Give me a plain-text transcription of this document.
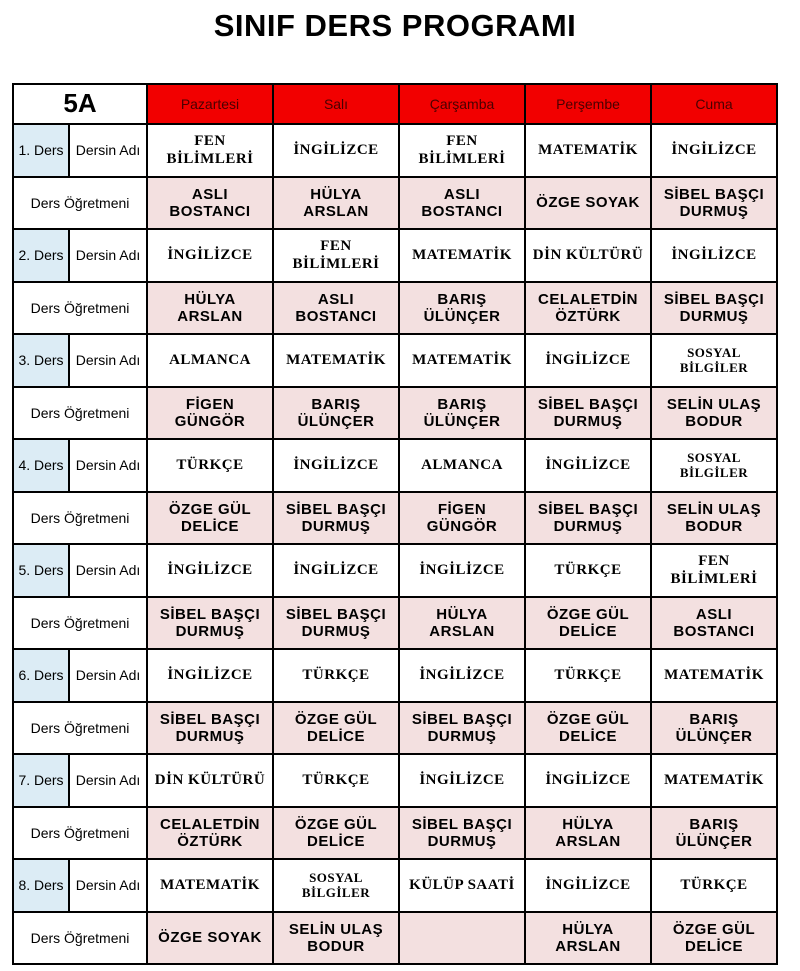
SINIF DERS PROGRAMI
5A		Pazartesi	Salı	Çarşamba	Perşembe	Cuma
1. Ders	Dersin Adı	FEN BİLİMLERİ	İNGİLİZCE	FEN BİLİMLERİ	MATEMATİK	İNGİLİZCE

Ders Öğretmeni		ASLI BOSTANCI	HÜLYA ARSLAN	ASLI BOSTANCI	ÖZGE SOYAK	SİBEL BAŞÇI DURMUŞ

2. Ders	Dersin Adı	İNGİLİZCE	FEN BİLİMLERİ	MATEMATİK	DİN KÜLTÜRÜ	İNGİLİZCE

Ders Öğretmeni		HÜLYA ARSLAN	ASLI BOSTANCI	BARIŞ ÜLÜNÇER	CELALETDİN ÖZTÜRK	SİBEL BAŞÇI DURMUŞ

3. Ders	Dersin Adı	ALMANCA	MATEMATİK	MATEMATİK	İNGİLİZCE	SOSYAL BİLGİLER

Ders Öğretmeni		FİGEN GÜNGÖR	BARIŞ ÜLÜNÇER	BARIŞ ÜLÜNÇER	SİBEL BAŞÇI DURMUŞ	SELİN ULAŞ BODUR

4. Ders	Dersin Adı	TÜRKÇE	İNGİLİZCE	ALMANCA	İNGİLİZCE	SOSYAL BİLGİLER

Ders Öğretmeni		ÖZGE GÜL DELİCE	SİBEL BAŞÇI DURMUŞ	FİGEN GÜNGÖR	SİBEL BAŞÇI DURMUŞ	SELİN ULAŞ BODUR

5. Ders	Dersin Adı	İNGİLİZCE	İNGİLİZCE	İNGİLİZCE	TÜRKÇE	FEN BİLİMLERİ

Ders Öğretmeni		SİBEL BAŞÇI DURMUŞ	SİBEL BAŞÇI DURMUŞ	HÜLYA ARSLAN	ÖZGE GÜL DELİCE	ASLI BOSTANCI

6. Ders	Dersin Adı	İNGİLİZCE	TÜRKÇE	İNGİLİZCE	TÜRKÇE	MATEMATİK

Ders Öğretmeni		SİBEL BAŞÇI DURMUŞ	ÖZGE GÜL DELİCE	SİBEL BAŞÇI DURMUŞ	ÖZGE GÜL DELİCE	BARIŞ ÜLÜNÇER

7. Ders	Dersin Adı	DİN KÜLTÜRÜ	TÜRKÇE	İNGİLİZCE	İNGİLİZCE	MATEMATİK

Ders Öğretmeni		CELALETDİN ÖZTÜRK	ÖZGE GÜL DELİCE	SİBEL BAŞÇI DURMUŞ	HÜLYA ARSLAN	BARIŞ ÜLÜNÇER

8. Ders	Dersin Adı	MATEMATİK	SOSYAL BİLGİLER	KÜLÜP SAATİ	İNGİLİZCE	TÜRKÇE

Ders Öğretmeni		ÖZGE SOYAK	SELİN ULAŞ BODUR		HÜLYA ARSLAN	ÖZGE GÜL DELİCE
